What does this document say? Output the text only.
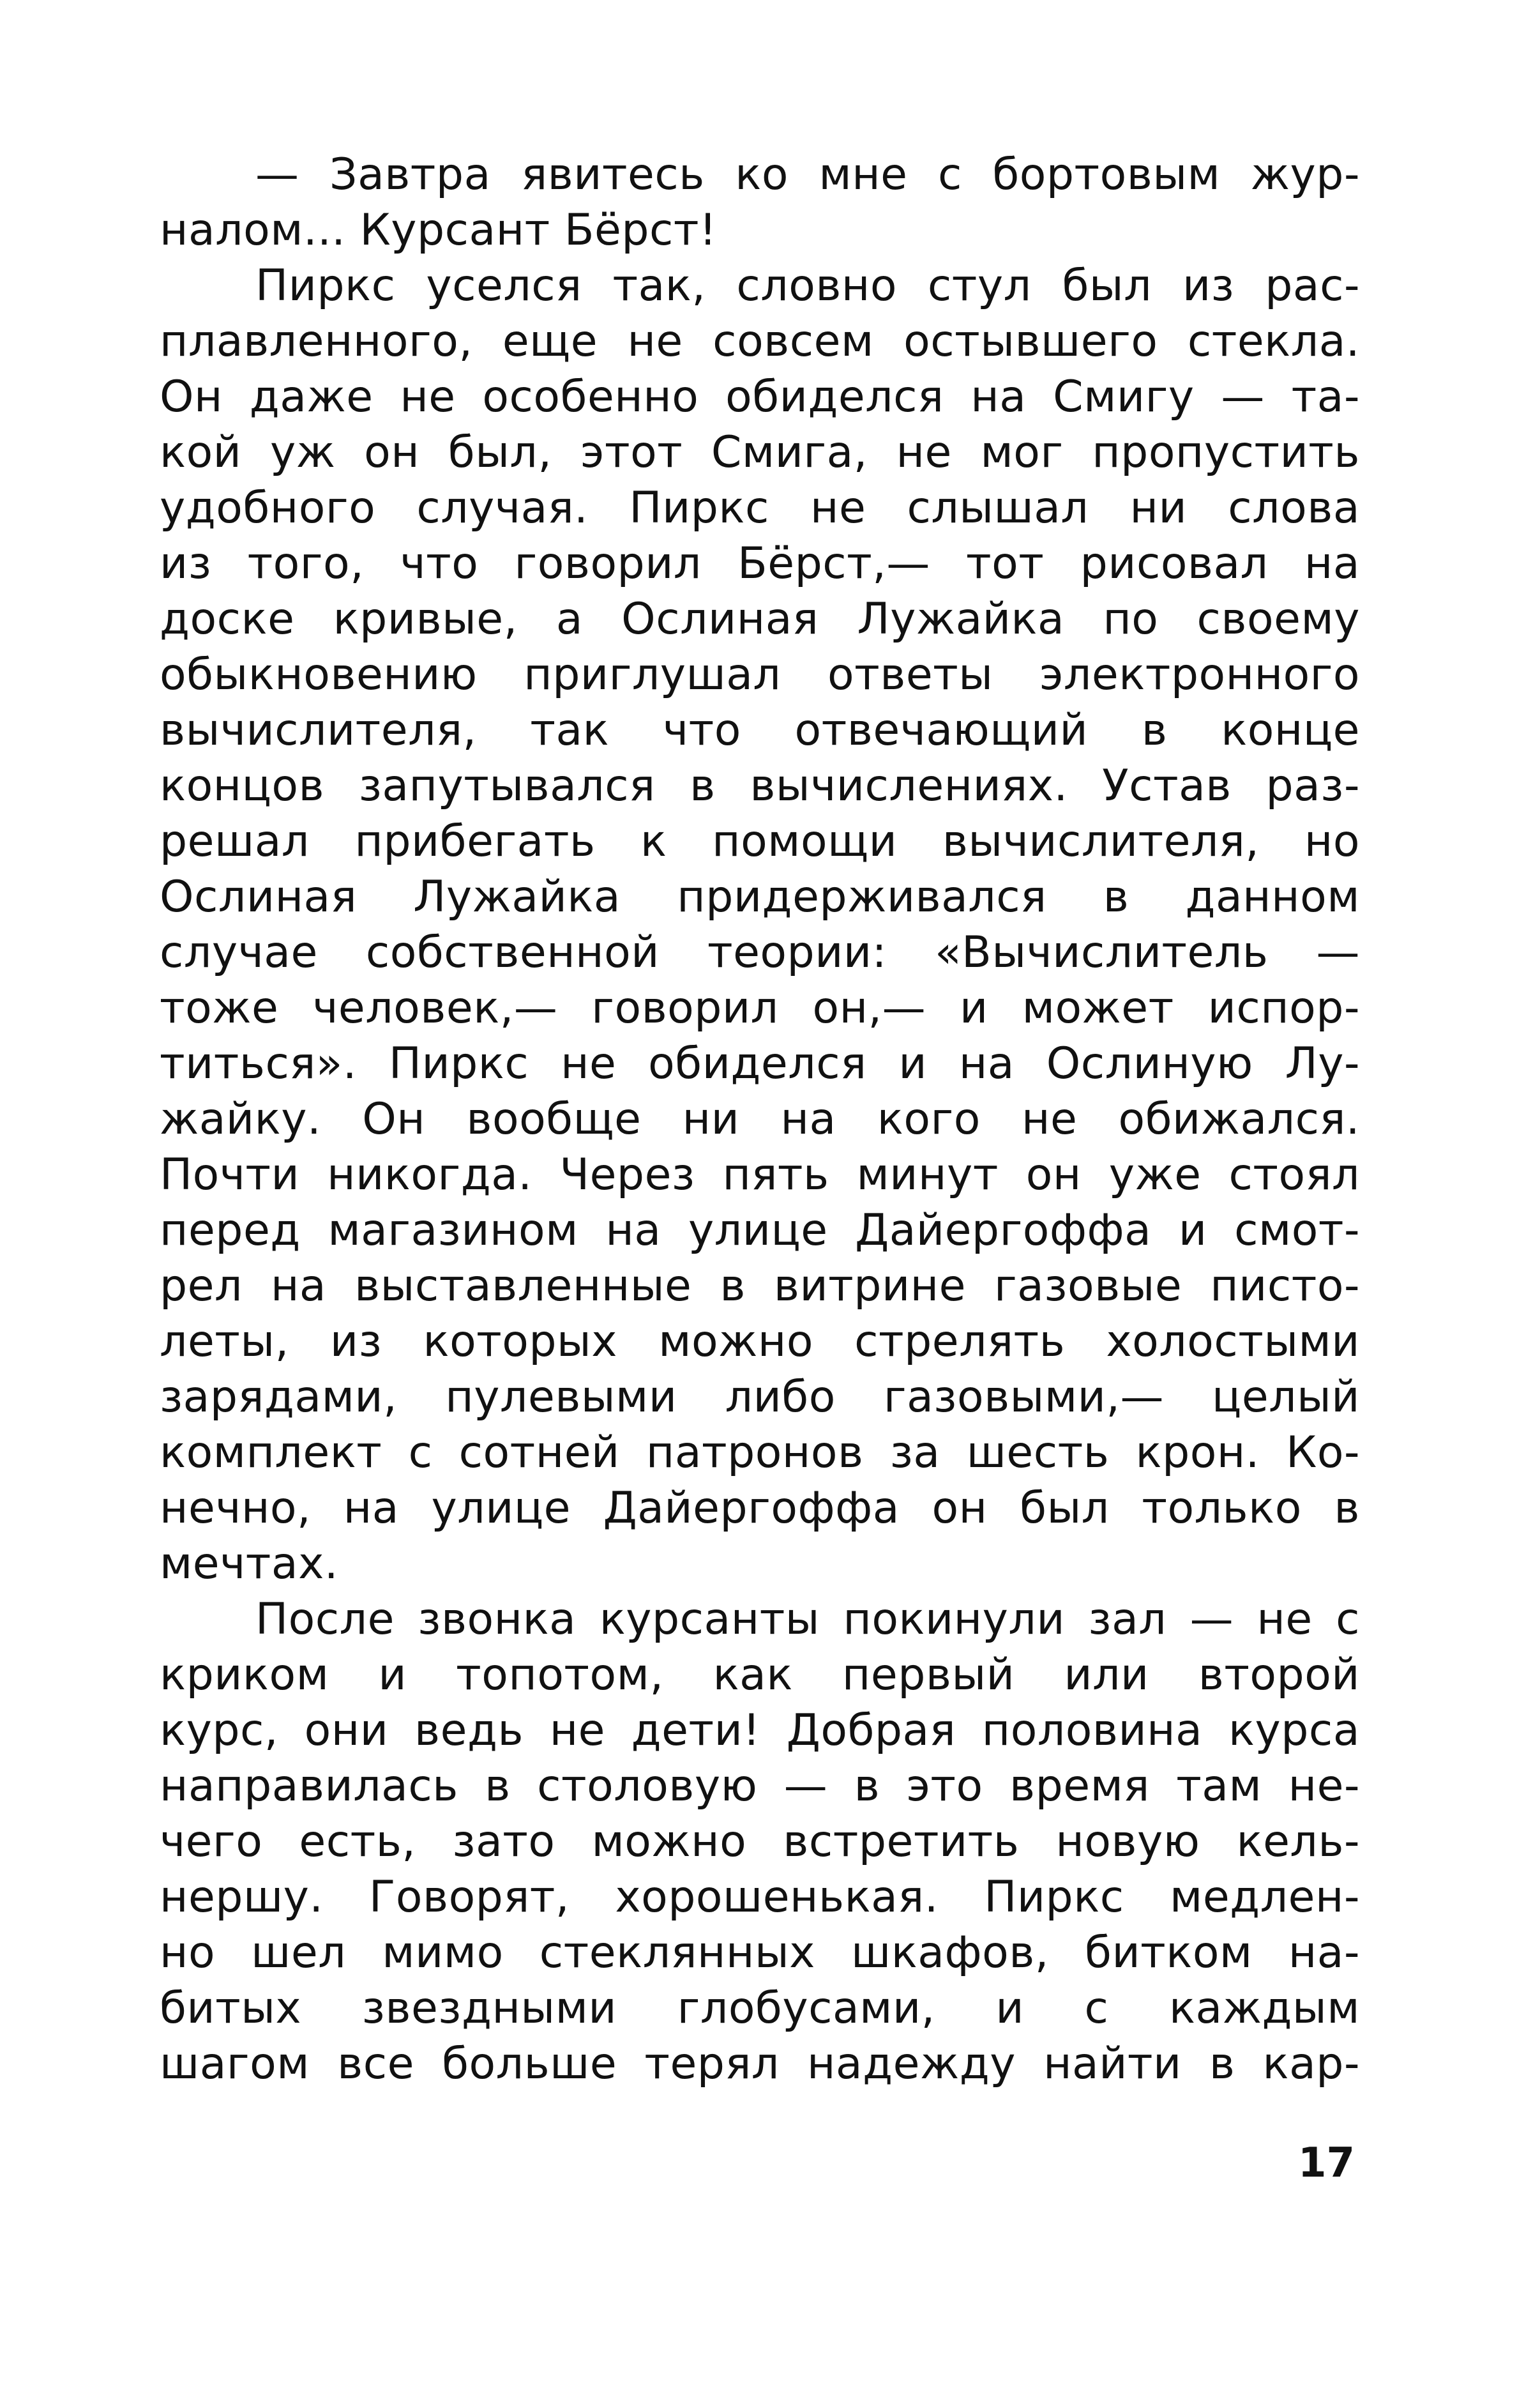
— Завтра явитесь ко мне с бортовым жур-
налом... Курсант Бёрст!
Пиркс уселся так, словно стул был из рас-
плавленного, еще не совсем остывшего стекла.
Он даже не особенно обиделся на Смигу — та-
кой уж он был, этот Смига, не мог пропустить
удобного случая. Пиркс не слышал ни слова
из того, что говорил Бёрст,— тот рисовал на
доске кривые, а Ослиная Лужайка по своему
обыкновению приглушал ответы электронного
вычислителя, так что отвечающий в конце
концов запутывался в вычислениях. Устав раз-
решал прибегать к помощи вычислителя, но
Ослиная Лужайка придерживался в данном
случае собственной теории: «Вычислитель —
тоже человек,— говорил он,— и может испор-
титься». Пиркс не обиделся и на Ослиную Лу-
жайку. Он вообще ни на кого не обижался.
Почти никогда. Через пять минут он уже стоял
перед магазином на улице Дайергоффа и смот-
рел на выставленные в витрине газовые писто-
леты, из которых можно стрелять холостыми
зарядами, пулевыми либо газовыми,— целый
комплект с сотней патронов за шесть крон. Ко-
нечно, на улице Дайергоффа он был только в
мечтах.
После звонка курсанты покинули зал — не с
криком и топотом, как первый или второй
курс, они ведь не дети! Добрая половина курса
направилась в столовую — в это время там не-
чего есть, зато можно встретить новую кель-
нершу. Говорят, хорошенькая. Пиркс медлен-
но шел мимо стеклянных шкафов, битком на-
битых звездными глобусами, и с каждым
шагом все больше терял надежду найти в кар-
17
